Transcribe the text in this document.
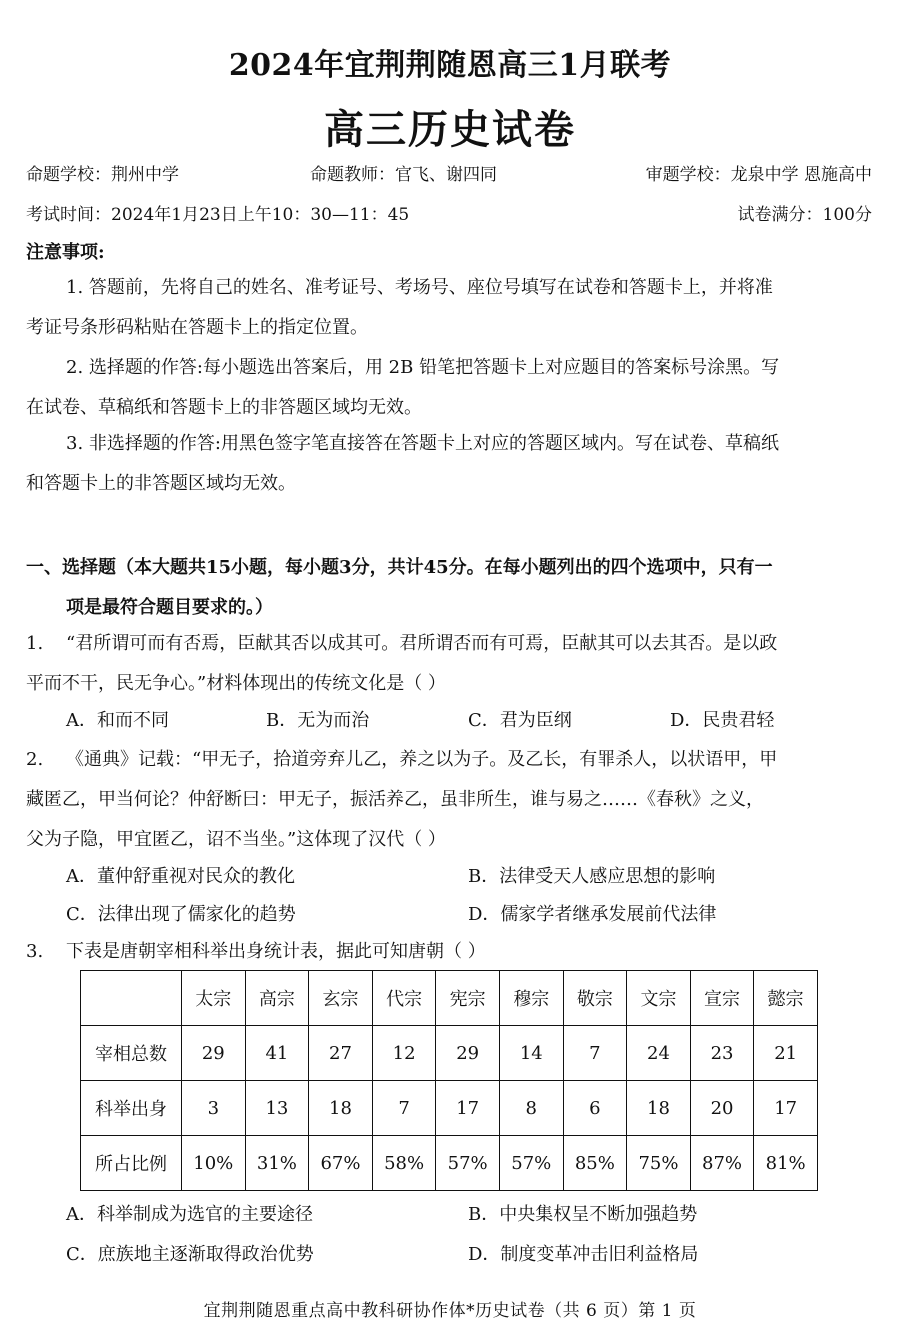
2024年宜荆荆随恩高三1月联考
高三历史试卷
命题学校：荆州中学	命题教师：官飞、谢四同	审题学校：龙泉中学 恩施高中
考试时间：2024年1月23日上午10：30—11：45	试卷满分：100分
注意事项:
1. 答题前，先将自己的姓名、准考证号、考场号、座位号填写在试卷和答题卡上，并将准
考证号条形码粘贴在答题卡上的指定位置。
2. 选择题的作答:每小题选出答案后，用 2B 铅笔把答题卡上对应题目的答案标号涂黑。写
在试卷、草稿纸和答题卡上的非答题区域均无效。
3. 非选择题的作答:用黑色签字笔直接答在答题卡上对应的答题区域内。写在试卷、草稿纸
和答题卡上的非答题区域均无效。
一、选择题（本大题共15小题，每小题3分，共计45分。在每小题列出的四个选项中，只有一
项是最符合题目要求的。）
1.	“君所谓可而有否焉，臣献其否以成其可。君所谓否而有可焉，臣献其可以去其否。是以政
平而不干，民无争心。”材料体现出的传统文化是（ ）
A．和而不同	B．无为而治	C．君为臣纲	D．民贵君轻
2.	《通典》记载：“甲无子，拾道旁弃儿乙，养之以为子。及乙长，有罪杀人，以状语甲，甲
藏匿乙，甲当何论？仲舒断曰：甲无子，振活养乙，虽非所生，谁与易之……《春秋》之义，
父为子隐，甲宜匿乙，诏不当坐。”这体现了汉代（ ）
A．董仲舒重视对民众的教化	B．法律受天人感应思想的影响
C．法律出现了儒家化的趋势	D．儒家学者继承发展前代法律
3.	下表是唐朝宰相科举出身统计表，据此可知唐朝（ ）
	太宗	高宗	玄宗	代宗	宪宗	穆宗	敬宗	文宗	宣宗	懿宗
宰相总数	29	41	27	12	29	14	7	24	23	21
科举出身	3	13	18	7	17	8	6	18	20	17
所占比例	10%	31%	67%	58%	57%	57%	85%	75%	87%	81%
A．科举制成为选官的主要途径	B．中央集权呈不断加强趋势
C．庶族地主逐渐取得政治优势	D．制度变革冲击旧利益格局
宜荆荆随恩重点高中教科研协作体*历史试卷（共 6 页）第 1 页
